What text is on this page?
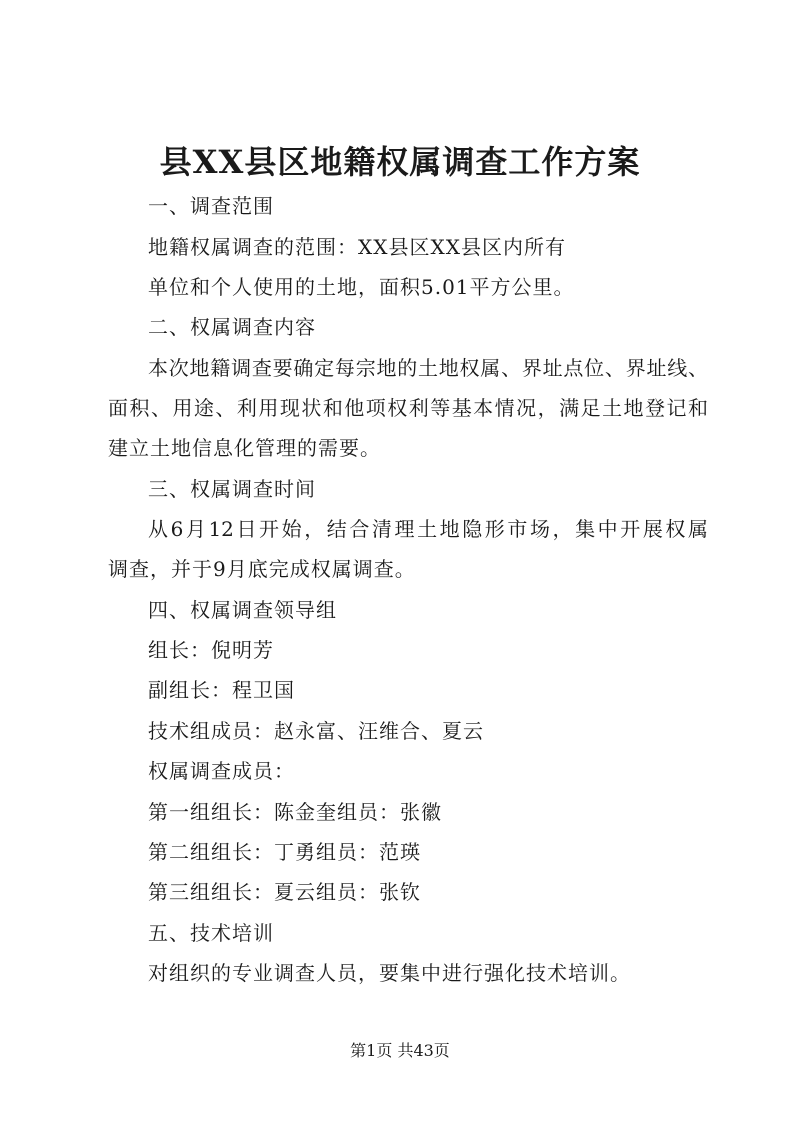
县XX县区地籍权属调查工作方案
一、调查范围
地籍权属调查的范围：XX县区XX县区内所有
单位和个人使用的土地，面积5.01平方公里。
二、权属调查内容
本次地籍调查要确定每宗地的土地权属、界址点位、界址线、
面积、用途、利用现状和他项权利等基本情况，满足土地登记和
建立土地信息化管理的需要。
三、权属调查时间
从6月12日开始，结合清理土地隐形市场，集中开展权属
调查，并于9月底完成权属调查。
四、权属调查领导组
组长：倪明芳
副组长：程卫国
技术组成员：赵永富、汪维合、夏云
权属调查成员：
第一组组长：陈金奎组员：张徽
第二组组长：丁勇组员：范瑛
第三组组长：夏云组员：张钦
五、技术培训
对组织的专业调查人员，要集中进行强化技术培训。
第1页 共43页
